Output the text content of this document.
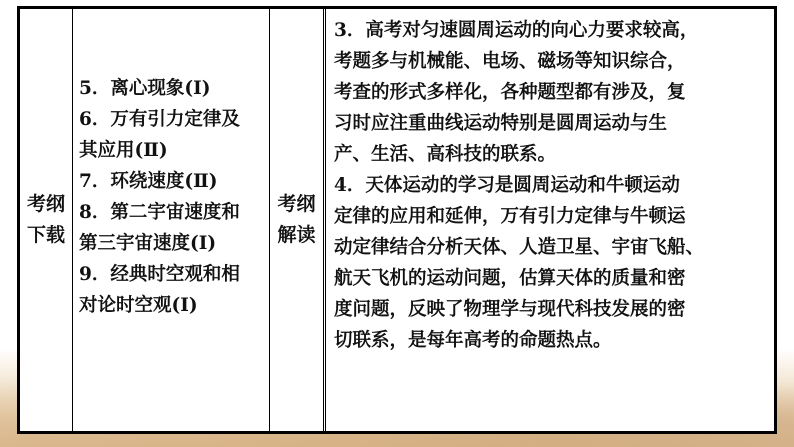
考纲
下载
5．离心现象(Ⅰ)
6．万有引力定律及
其应用(Ⅱ)
7．环绕速度(Ⅱ)
8．第二宇宙速度和
第三宇宙速度(Ⅰ)
9．经典时空观和相
对论时空观(Ⅰ)
考纲
解读
3．高考对匀速圆周运动的向心力要求较高，
考题多与机械能、电场、磁场等知识综合，
考查的形式多样化，各种题型都有涉及，复
习时应注重曲线运动特别是圆周运动与生
产、生活、高科技的联系。
4．天体运动的学习是圆周运动和牛顿运动
定律的应用和延伸，万有引力定律与牛顿运
动定律结合分析天体、人造卫星、宇宙飞船、
航天飞机的运动问题，估算天体的质量和密
度问题，反映了物理学与现代科技发展的密
切联系，是每年高考的命题热点。
